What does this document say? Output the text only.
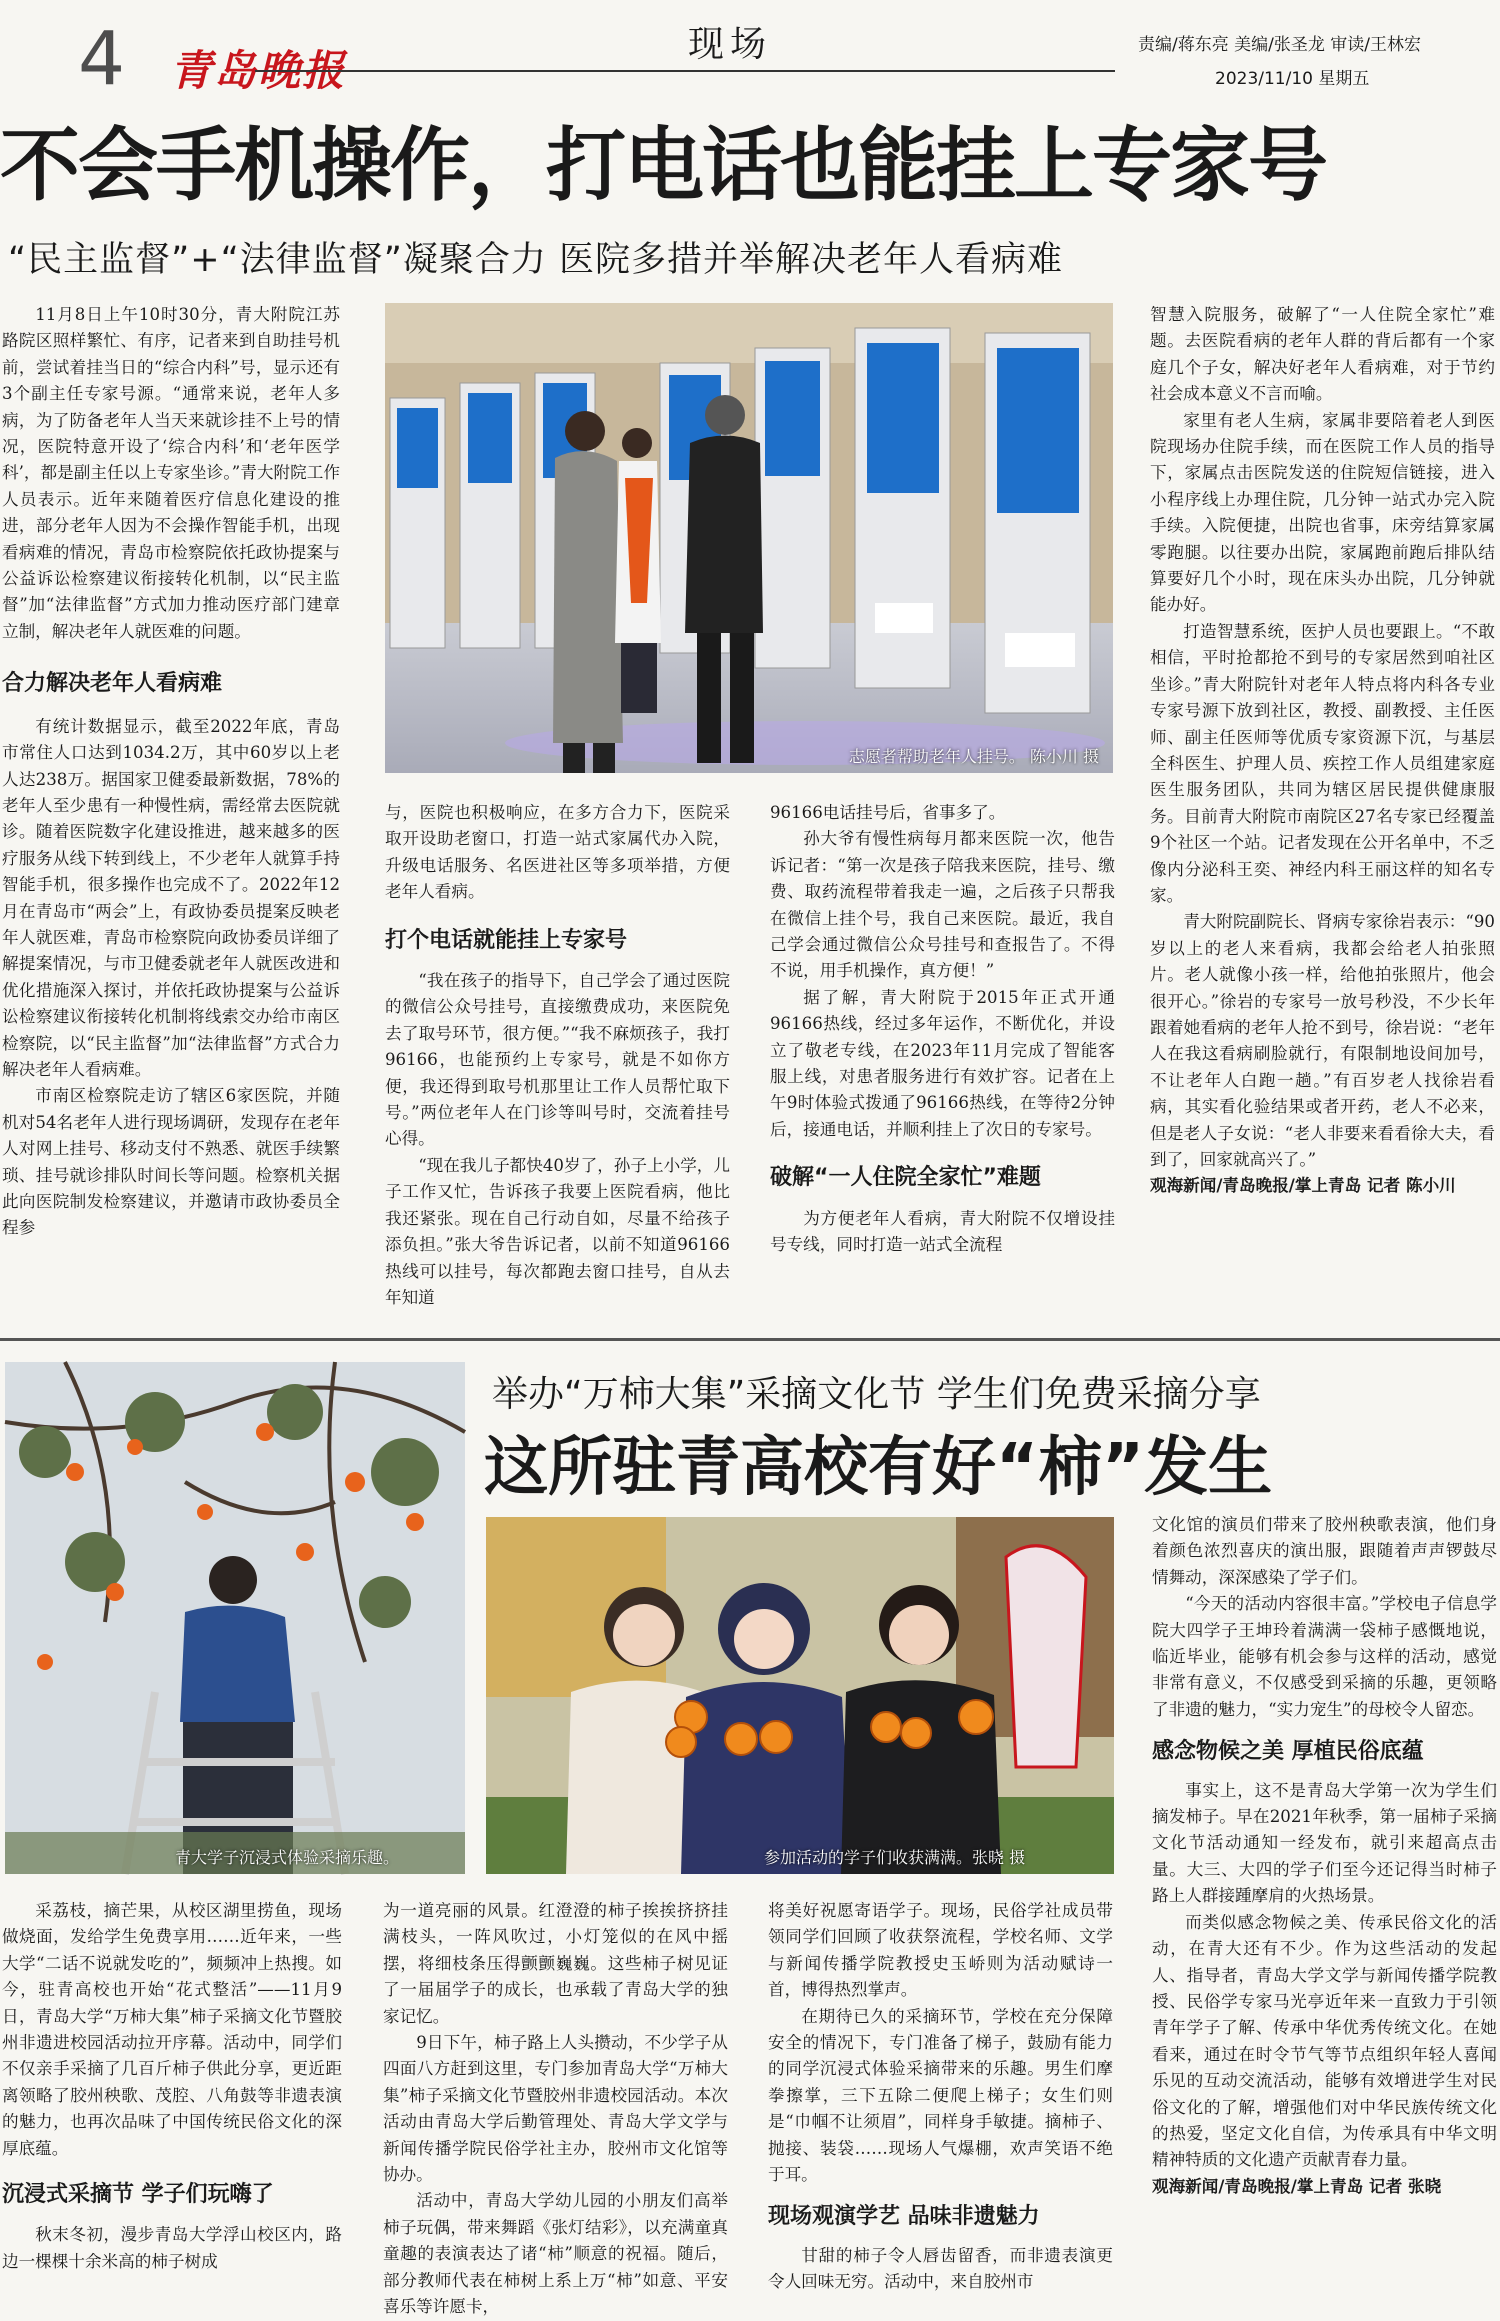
4 青岛晚报
现场	责编/蒋东亮 美编/张圣龙 审读/王林宏
2023/11/10 星期五
不会手机操作，打电话也能挂上专家号
“民主监督”+“法律监督”凝聚合力 医院多措并举解决老年人看病难

11月8日上午10时30分，青大附院江苏路院区照样繁忙、有序，记者来到自助挂号机前，尝试着挂当日的“综合内科”号，显示还有3个副主任专家号源。“通常来说，老年人多病，为了防备老年人当天来就诊挂不上号的情况，医院特意开设了‘综合内科’和‘老年医学科’，都是副主任以上专家坐诊。”青大附院工作人员表示。近年来随着医疗信息化建设的推进，部分老年人因为不会操作智能手机，出现看病难的情况，青岛市检察院依托政协提案与公益诉讼检察建议衔接转化机制，以“民主监督”加“法律监督”方式加力推动医疗部门建章立制，解决老年人就医难的问题。

合力解决老年人看病难

有统计数据显示，截至2022年底，青岛市常住人口达到1034.2万，其中60岁以上老人达238万。据国家卫健委最新数据，78%的老年人至少患有一种慢性病，需经常去医院就诊。随着医院数字化建设推进，越来越多的医疗服务从线下转到线上，不少老年人就算手持智能手机，很多操作也完成不了。2022年12月在青岛市“两会”上，有政协委员提案反映老年人就医难，青岛市检察院向政协委员详细了解提案情况，与市卫健委就老年人就医改进和优化措施深入探讨，并依托政协提案与公益诉讼检察建议衔接转化机制将线索交办给市南区检察院，以“民主监督”加“法律监督”方式合力解决老年人看病难。

市南区检察院走访了辖区6家医院，并随机对54名老年人进行现场调研，发现存在老年人对网上挂号、移动支付不熟悉、就医手续繁琐、挂号就诊排队时间长等问题。检察机关据此向医院制发检察建议，并邀请市政协委员全程参

志愿者帮助老年人挂号。 陈小川 摄

与，医院也积极响应，在多方合力下，医院采取开设助老窗口，打造一站式家属代办入院，升级电话服务、名医进社区等多项举措，方便老年人看病。

打个电话就能挂上专家号

“我在孩子的指导下，自己学会了通过医院的微信公众号挂号，直接缴费成功，来医院免去了取号环节，很方便。”“我不麻烦孩子，我打96166，也能预约上专家号，就是不如你方便，我还得到取号机那里让工作人员帮忙取下号。”两位老年人在门诊等叫号时，交流着挂号心得。

“现在我儿子都快40岁了，孙子上小学，儿子工作又忙，告诉孩子我要上医院看病，他比我还紧张。现在自己行动自如，尽量不给孩子添负担。”张大爷告诉记者，以前不知道96166热线可以挂号，每次都跑去窗口挂号，自从去年知道

96166电话挂号后，省事多了。

孙大爷有慢性病每月都来医院一次，他告诉记者：“第一次是孩子陪我来医院，挂号、缴费、取药流程带着我走一遍，之后孩子只帮我在微信上挂个号，我自己来医院。最近，我自己学会通过微信公众号挂号和查报告了。不得不说，用手机操作，真方便！”

据了解，青大附院于2015年正式开通96166热线，经过多年运作，不断优化，并设立了敬老专线，在2023年11月完成了智能客服上线，对患者服务进行有效扩容。记者在上午9时体验式拨通了96166热线，在等待2分钟后，接通电话，并顺利挂上了次日的专家号。

破解“一人住院全家忙”难题

为方便老年人看病，青大附院不仅增设挂号专线，同时打造一站式全流程

智慧入院服务，破解了“一人住院全家忙”难题。去医院看病的老年人群的背后都有一个家庭几个子女，解决好老年人看病难，对于节约社会成本意义不言而喻。

家里有老人生病，家属非要陪着老人到医院现场办住院手续，而在医院工作人员的指导下，家属点击医院发送的住院短信链接，进入小程序线上办理住院，几分钟一站式办完入院手续。入院便捷，出院也省事，床旁结算家属零跑腿。以往要办出院，家属跑前跑后排队结算要好几个小时，现在床头办出院，几分钟就能办好。

打造智慧系统，医护人员也要跟上。“不敢相信，平时抢都抢不到号的专家居然到咱社区坐诊。”青大附院针对老年人特点将内科各专业专家号源下放到社区，教授、副教授、主任医师、副主任医师等优质专家资源下沉，与基层全科医生、护理人员、疾控工作人员组建家庭医生服务团队，共同为辖区居民提供健康服务。目前青大附院市南院区27名专家已经覆盖9个社区一个站。记者发现在公开名单中，不乏像内分泌科王奕、神经内科王丽这样的知名专家。

青大附院副院长、肾病专家徐岩表示：“90岁以上的老人来看病，我都会给老人拍张照片。老人就像小孩一样，给他拍张照片，他会很开心。”徐岩的专家号一放号秒没，不少长年跟着她看病的老年人抢不到号，徐岩说：“老年人在我这看病刷脸就行，有限制地设间加号，不让老年人白跑一趟。”有百岁老人找徐岩看病，其实看化验结果或者开药，老人不必来，但是老人子女说：“老人非要来看看徐大夫，看到了，回家就高兴了。”

观海新闻/青岛晚报/掌上青岛 记者 陈小川

青大学子沉浸式体验采摘乐趣。
举办“万柿大集”采摘文化节 学生们免费采摘分享
这所驻青高校有好“柿”发生
参加活动的学子们收获满满。张晓 摄

采荔枝，摘芒果，从校区湖里捞鱼，现场做烧面，发给学生免费享用……近年来，一些大学“二话不说就发吃的”，频频冲上热搜。如今，驻青高校也开始“花式整活”——11月9日，青岛大学“万柿大集”柿子采摘文化节暨胶州非遗进校园活动拉开序幕。活动中，同学们不仅亲手采摘了几百斤柿子供此分享，更近距离领略了胶州秧歌、茂腔、八角鼓等非遗表演的魅力，也再次品味了中国传统民俗文化的深厚底蕴。

沉浸式采摘节 学子们玩嗨了

秋末冬初，漫步青岛大学浮山校区内，路边一棵棵十余米高的柿子树成

为一道亮丽的风景。红澄澄的柿子挨挨挤挤挂满枝头，一阵风吹过，小灯笼似的在风中摇摆，将细枝条压得颤颤巍巍。这些柿子树见证了一届届学子的成长，也承载了青岛大学的独家记忆。

9日下午，柿子路上人头攒动，不少学子从四面八方赶到这里，专门参加青岛大学“万柿大集”柿子采摘文化节暨胶州非遗校园活动。本次活动由青岛大学后勤管理处、青岛大学文学与新闻传播学院民俗学社主办，胶州市文化馆等协办。

活动中，青岛大学幼儿园的小朋友们高举柿子玩偶，带来舞蹈《张灯结彩》，以充满童真童趣的表演表达了诸“柿”顺意的祝福。随后，部分教师代表在柿树上系上万“柿”如意、平安喜乐等许愿卡，

将美好祝愿寄语学子。现场，民俗学社成员带领同学们回顾了收获祭流程，学校名师、文学与新闻传播学院教授史玉峤则为活动赋诗一首，博得热烈掌声。

在期待已久的采摘环节，学校在充分保障安全的情况下，专门准备了梯子，鼓励有能力的同学沉浸式体验采摘带来的乐趣。男生们摩拳擦掌，三下五除二便爬上梯子；女生们则是“巾帼不让须眉”，同样身手敏捷。摘柿子、抛接、装袋……现场人气爆棚，欢声笑语不绝于耳。

现场观演学艺 品味非遗魅力

甘甜的柿子令人唇齿留香，而非遗表演更令人回味无穷。活动中，来自胶州市

文化馆的演员们带来了胶州秧歌表演，他们身着颜色浓烈喜庆的演出服，跟随着声声锣鼓尽情舞动，深深感染了学子们。

“今天的活动内容很丰富。”学校电子信息学院大四学子王坤玲着满满一袋柿子感慨地说，临近毕业，能够有机会参与这样的活动，感觉非常有意义，不仅感受到采摘的乐趣，更领略了非遗的魅力，“实力宠生”的母校令人留恋。

感念物候之美 厚植民俗底蕴

事实上，这不是青岛大学第一次为学生们摘发柿子。早在2021年秋季，第一届柿子采摘文化节活动通知一经发布，就引来超高点击量。大三、大四的学子们至今还记得当时柿子路上人群接踵摩肩的火热场景。

而类似感念物候之美、传承民俗文化的活动，在青大还有不少。作为这些活动的发起人、指导者，青岛大学文学与新闻传播学院教授、民俗学专家马光亭近年来一直致力于引领青年学子了解、传承中华优秀传统文化。在她看来，通过在时令节气等节点组织年轻人喜闻乐见的互动交流活动，能够有效增进学生对民俗文化的了解，增强他们对中华民族传统文化的热爱，坚定文化自信，为传承具有中华文明精神特质的文化遗产贡献青春力量。

观海新闻/青岛晚报/掌上青岛 记者 张晓
